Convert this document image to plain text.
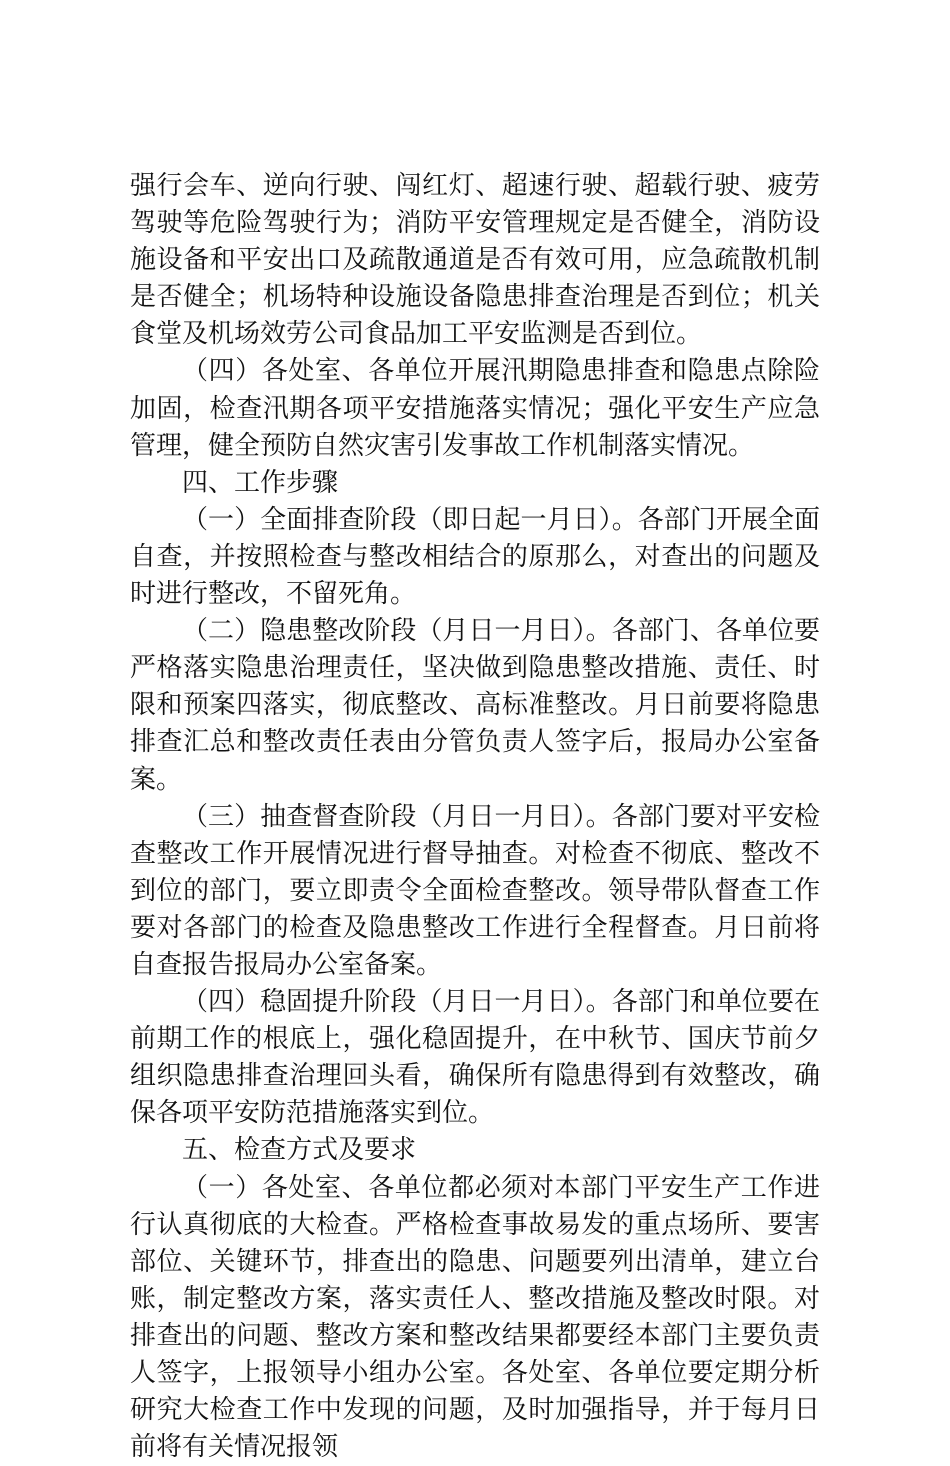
强行会车、逆向行驶、闯红灯、超速行驶、超载行驶、疲劳驾驶等危险驾驶行为；消防平安管理规定是否健全，消防设施设备和平安出口及疏散通道是否有效可用，应急疏散机制是否健全；机场特种设施设备隐患排查治理是否到位；机关食堂及机场效劳公司食品加工平安监测是否到位。

（四）各处室、各单位开展汛期隐患排查和隐患点除险加固，检查汛期各项平安措施落实情况；强化平安生产应急管理，健全预防自然灾害引发事故工作机制落实情况。

四、工作步骤

（一）全面排查阶段（即日起一月日）。各部门开展全面自查，并按照检查与整改相结合的原那么，对查出的问题及时进行整改，不留死角。

（二）隐患整改阶段（月日一月日）。各部门、各单位要严格落实隐患治理责任，坚决做到隐患整改措施、责任、时限和预案四落实，彻底整改、高标准整改。月日前要将隐患排查汇总和整改责任表由分管负责人签字后，报局办公室备案。

（三）抽查督查阶段（月日一月日）。各部门要对平安检查整改工作开展情况进行督导抽查。对检查不彻底、整改不到位的部门，要立即责令全面检查整改。领导带队督查工作要对各部门的检查及隐患整改工作进行全程督查。月日前将自查报告报局办公室备案。

（四）稳固提升阶段（月日一月日）。各部门和单位要在前期工作的根底上，强化稳固提升，在中秋节、国庆节前夕组织隐患排查治理回头看，确保所有隐患得到有效整改，确保各项平安防范措施落实到位。

五、检查方式及要求

（一）各处室、各单位都必须对本部门平安生产工作进行认真彻底的大检查。严格检查事故易发的重点场所、要害部位、关键环节，排查出的隐患、问题要列出清单，建立台账，制定整改方案，落实责任人、整改措施及整改时限。对排查出的问题、整改方案和整改结果都要经本部门主要负责人签字，上报领导小组办公室。各处室、各单位要定期分析研究大检查工作中发现的问题，及时加强指导，并于每月日前将有关情况报领
